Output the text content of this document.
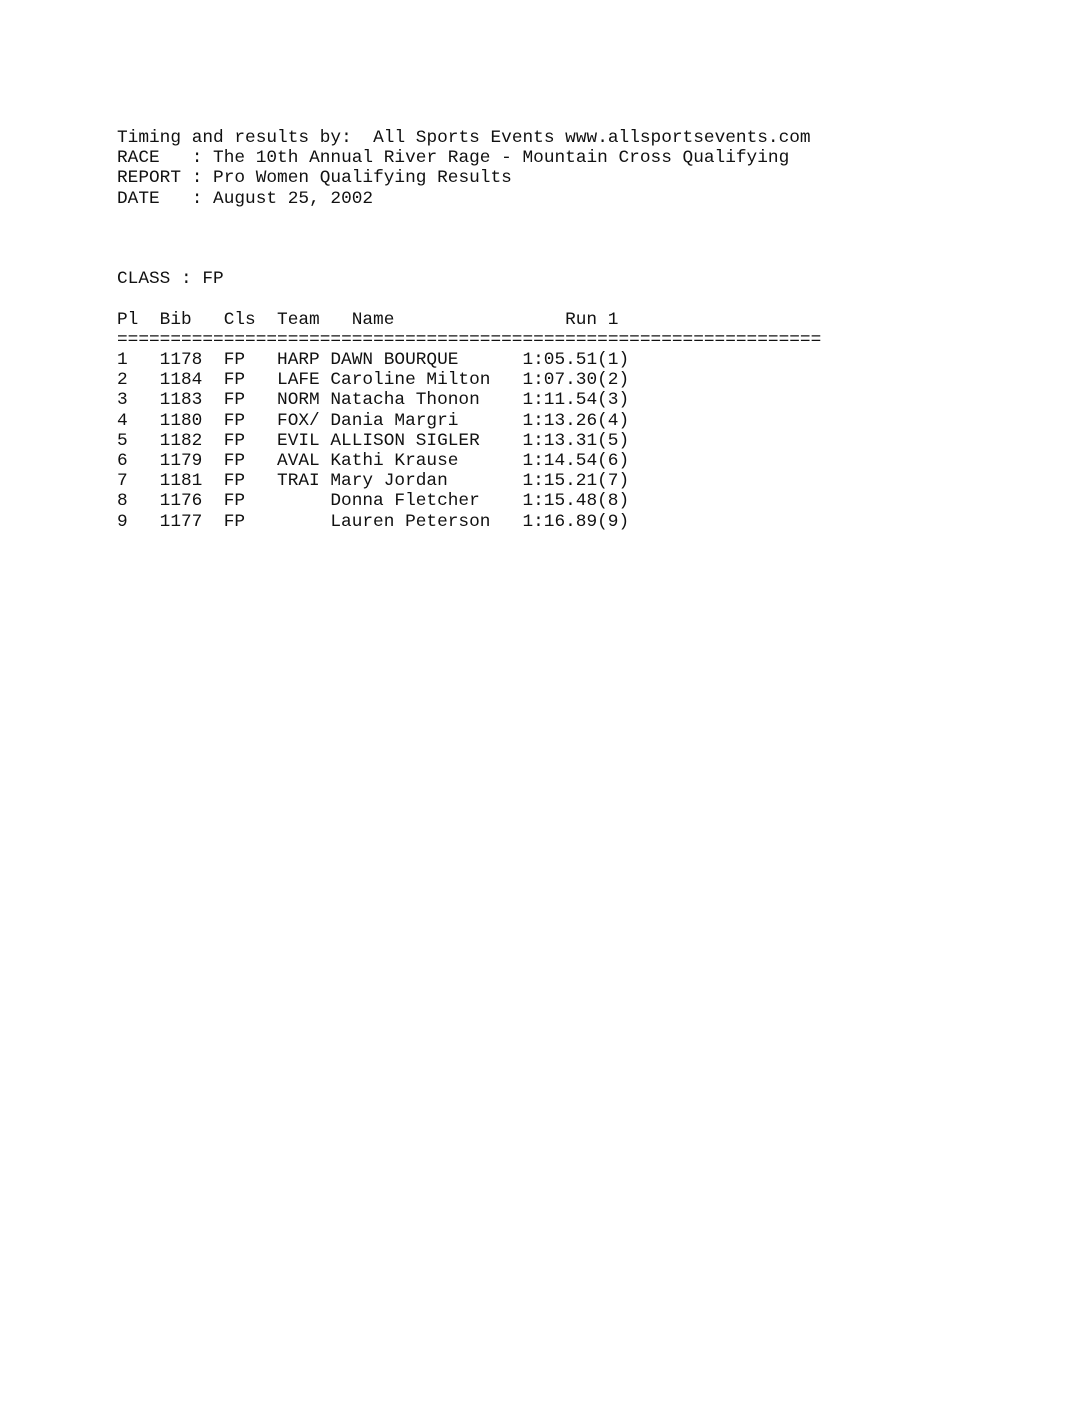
Timing and results by: All Sports Events www.allsportsevents.com
RACE : The 10th Annual River Rage - Mountain Cross Qualifying
REPORT : Pro Women Qualifying Results
DATE : August 25, 2002
CLASS : FP
Pl Bib Cls Team Name	Run 1
==================================================================
1 1178 FP HARP DAWN BOURQUE	1:05.51(1)
2 1184 FP LAFE Caroline Milton 1:07.30(2)
3 1183 FP NORM Natacha Thonon 1:11.54(3)
4 1180 FP FOX/ Dania Margri	1:13.26(4)
5 1182 FP EVIL ALLISON SIGLER 1:13.31(5)
6 1179 FP AVAL Kathi Krause	1:14.54(6)
7 1181 FP TRAI Mary Jordan	1:15.21(7)
8 1176 FP	Donna Fletcher 1:15.48(8)
9 1177 FP	Lauren Peterson 1:16.89(9)
